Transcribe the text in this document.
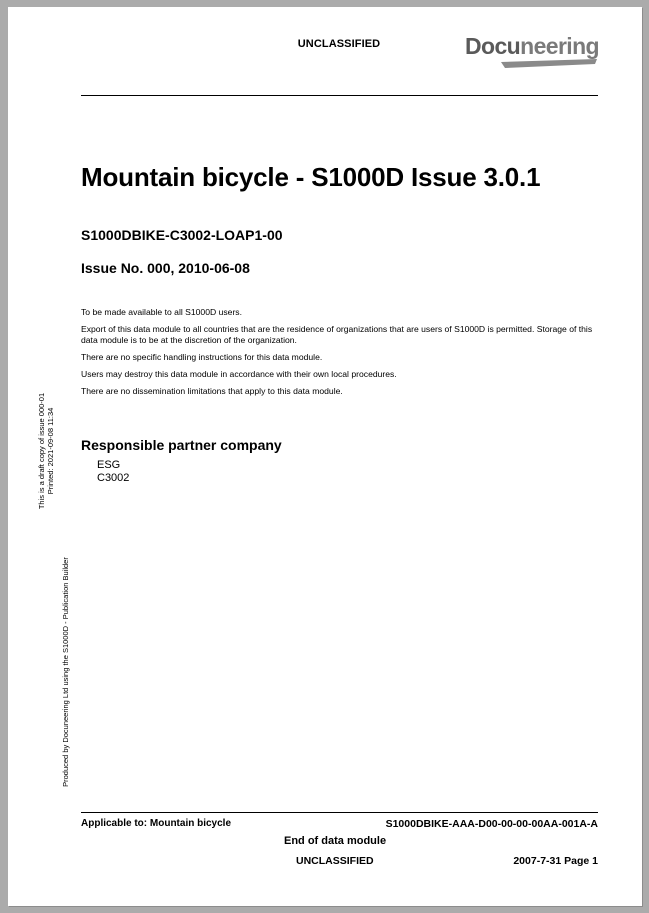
UNCLASSIFIED	Docuneering
Mountain bicycle - S1000D Issue 3.0.1
S1000DBIKE-C3002-LOAP1-00
Issue No. 000, 2010-06-08

To be made available to all S1000D users.

Export of this data module to all countries that are the residence of organizations that are users of S1000D is permitted. Storage of this data module is to be at the discretion of the organization.

There are no specific handling instructions for this data module.

Users may destroy this data module in accordance with their own local procedures.

There are no dissemination limitations that apply to this data module.

Responsible partner company
ESG
C3002
This is a draft copy of issue 000-01 Printed: 2021-09-08 11:34
Produced by Docuneering Ltd using the S1000D - Publication Builder
Applicable to: Mountain bicycle	S1000DBIKE-AAA-D00-00-00-00AA-001A-A
End of data module
UNCLASSIFIED	2007-7-31 Page 1
